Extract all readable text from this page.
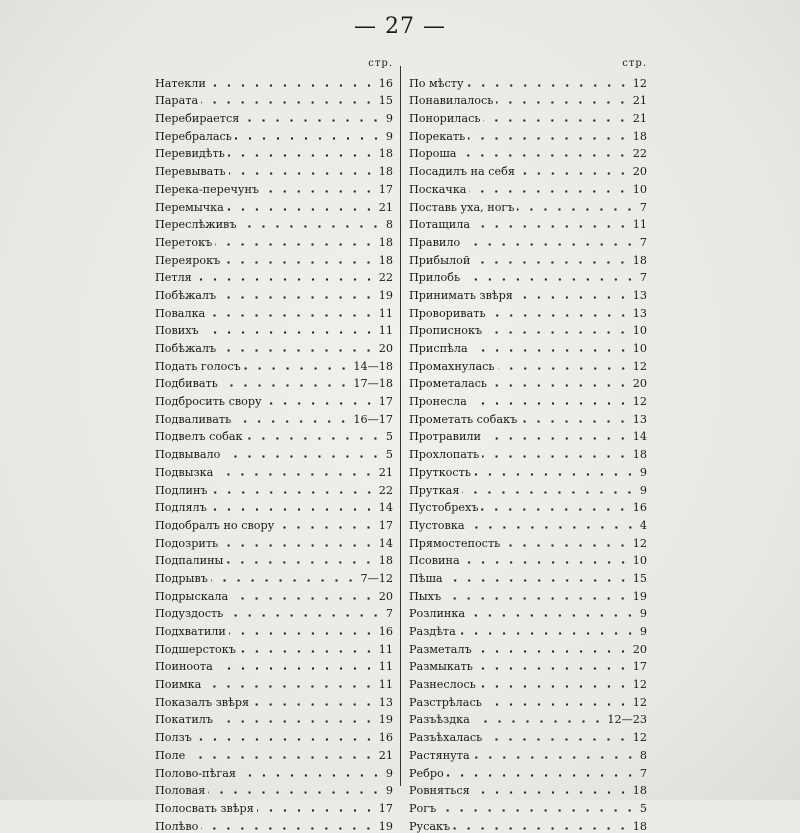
— 27 —
стр.
Натекли	16
Парата	15
Перебирается	9
Перебралась	9
Перевидѣть	18
Перевывать	18
Перека-перечунъ	17
Перемычка	21
Переслѣживъ	8
Перетокъ	18
Переярокъ	18
Петля	22
Побѣжалъ	19
Повалка	11
Повихъ	11
Побѣжалъ	20
Подать голосъ	14—18
Подбивать	17—18
Подбросить свору	17
Подваливать	16—17
Подвелъ собак	5
Подвывало	5
Подвызка	21
Подлинъ	22
Подлялъ	14
Подобралъ но свору	17
Подозрить	14
Подпалины	18
Подрывъ	7—12
Подрыскала	20
Подуздость	7
Подхватили	16
Подшерстокъ	11
Поиноота	11
Поимка	11
Показалъ звѣря	13
Покатилъ	19
Ползъ	16
Поле	21
Полово-пѣгая	9
Половая	9
Полосвать звѣря	17
Полѣво	19
стр.
По мѣсту	12
Понавилалось	21
Понорилась	21
Порекать	18
Пороша	22
Посадилъ на себя	20
Поскачка	10
Поставь уха, ногъ	7
Потащила	11
Правило	7
Прибылой	18
Прилобь	7
Принимать звѣря	13
Проворивать	13
Прописнокъ	10
Приспѣла	10
Промахнулась	12
Прометалась	20
Пронесла	12
Прометать собакъ	13
Протравили	14
Прохлопать	18
Пруткость	9
Пруткая	9
Пустобрехъ	16
Пустовка	4
Прямостепость	12
Псовина	10
Пѣша	15
Пыхъ	19
Розлинка	9
Раздѣта	9
Разметалъ	20
Размыкать	17
Разнеслось	12
Разстрѣлась	12
Разъѣздка	12—23
Разъѣхалась	12
Растянута	8
Ребро	7
Ровняться	18
Рогъ	5
Русакъ	18
